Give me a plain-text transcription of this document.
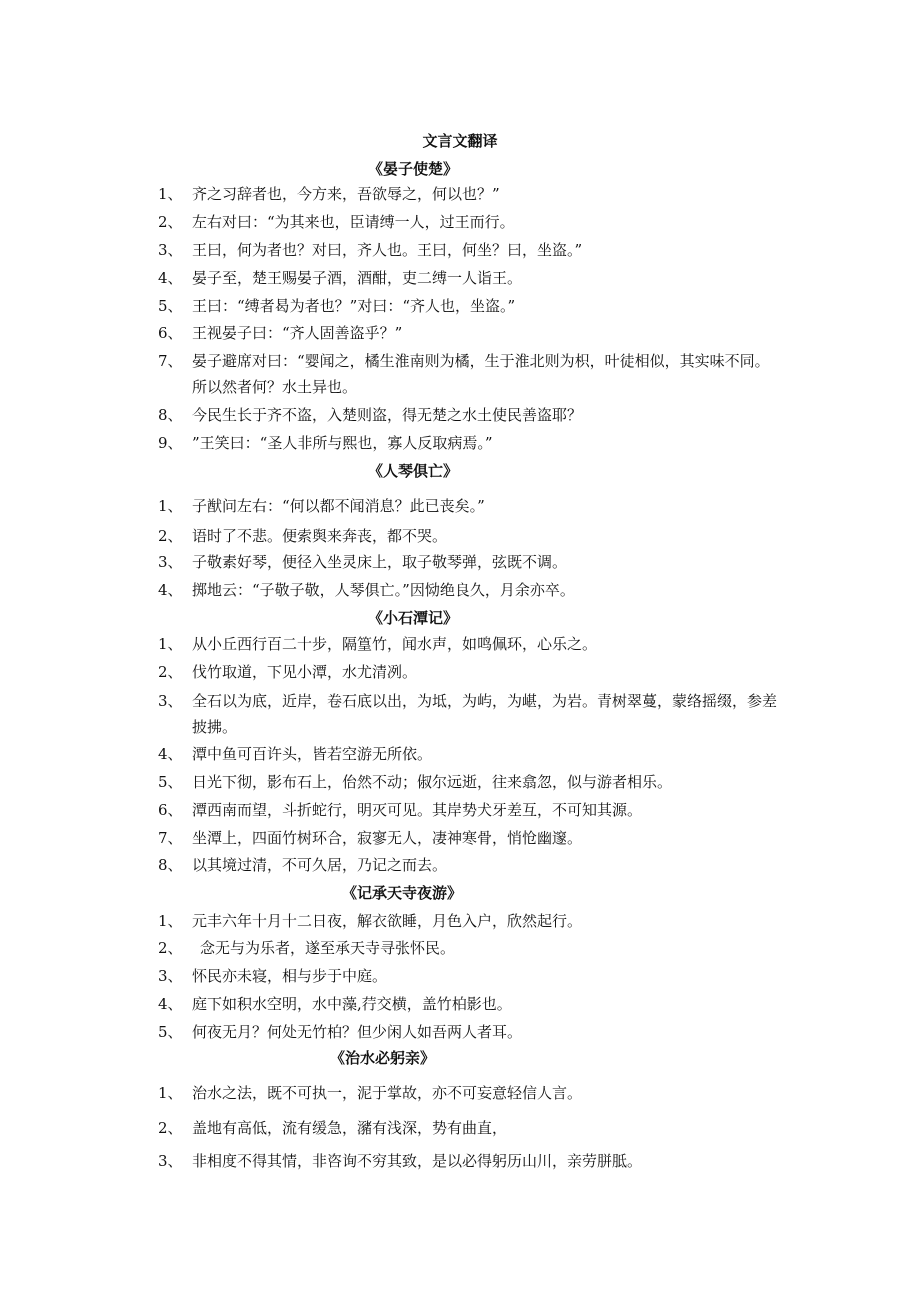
文言文翻译
《晏子使楚》
1、 齐之习辞者也，今方来，吾欲辱之，何以也？”
2、 左右对曰：“为其来也，臣请缚一人，过王而行。
3、 王曰，何为者也？对曰，齐人也。王曰，何坐？曰，坐盗。”
4、 晏子至，楚王赐晏子酒，酒酣，吏二缚一人诣王。
5、 王曰：“缚者曷为者也？”对曰：“齐人也，坐盗。”
6、 王视晏子曰：“齐人固善盗乎？”
7、 晏子避席对曰：“婴闻之，橘生淮南则为橘，生于淮北则为枳，叶徒相似，其实味不同。所以然者何？水土异也。
8、 今民生长于齐不盗，入楚则盗，得无楚之水土使民善盗耶？
9、 ”王笑曰：“圣人非所与熙也，寡人反取病焉。”
《人琴俱亡》
1、 子猷问左右：“何以都不闻消息？此已丧矣。”
2、 语时了不悲。便索舆来奔丧，都不哭。
3、 子敬素好琴，便径入坐灵床上，取子敬琴弹，弦既不调。
4、 掷地云：“子敬子敬，人琴俱亡。”因恸绝良久，月余亦卒。
《小石潭记》
1、 从小丘西行百二十步，隔篁竹，闻水声，如鸣佩环，心乐之。
2、 伐竹取道，下见小潭，水尤清冽。
3、 全石以为底，近岸，卷石底以出，为坻，为屿，为嵁，为岩。青树翠蔓，蒙络摇缀，参差披拂。
4、 潭中鱼可百许头，皆若空游无所依。
5、 日光下彻，影布石上，佁然不动；俶尔远逝，往来翕忽，似与游者相乐。
6、 潭西南而望，斗折蛇行，明灭可见。其岸势犬牙差互，不可知其源。
7、 坐潭上，四面竹树环合，寂寥无人，凄神寒骨，悄怆幽邃。
8、 以其境过清，不可久居，乃记之而去。
《记承天寺夜游》
1、 元丰六年十月十二日夜，解衣欲睡，月色入户，欣然起行。
2、 念无与为乐者，遂至承天寺寻张怀民。
3、 怀民亦未寝，相与步于中庭。
4、 庭下如积水空明，水中藻,荇交横，盖竹柏影也。
5、 何夜无月？何处无竹柏？但少闲人如吾两人者耳。
《治水必躬亲》
1、 治水之法，既不可执一，泥于掌故，亦不可妄意轻信人言。
2、 盖地有高低，流有缓急，瀦有浅深，势有曲直，
3、 非相度不得其情，非咨询不穷其致，是以必得躬历山川，亲劳胼胝。
